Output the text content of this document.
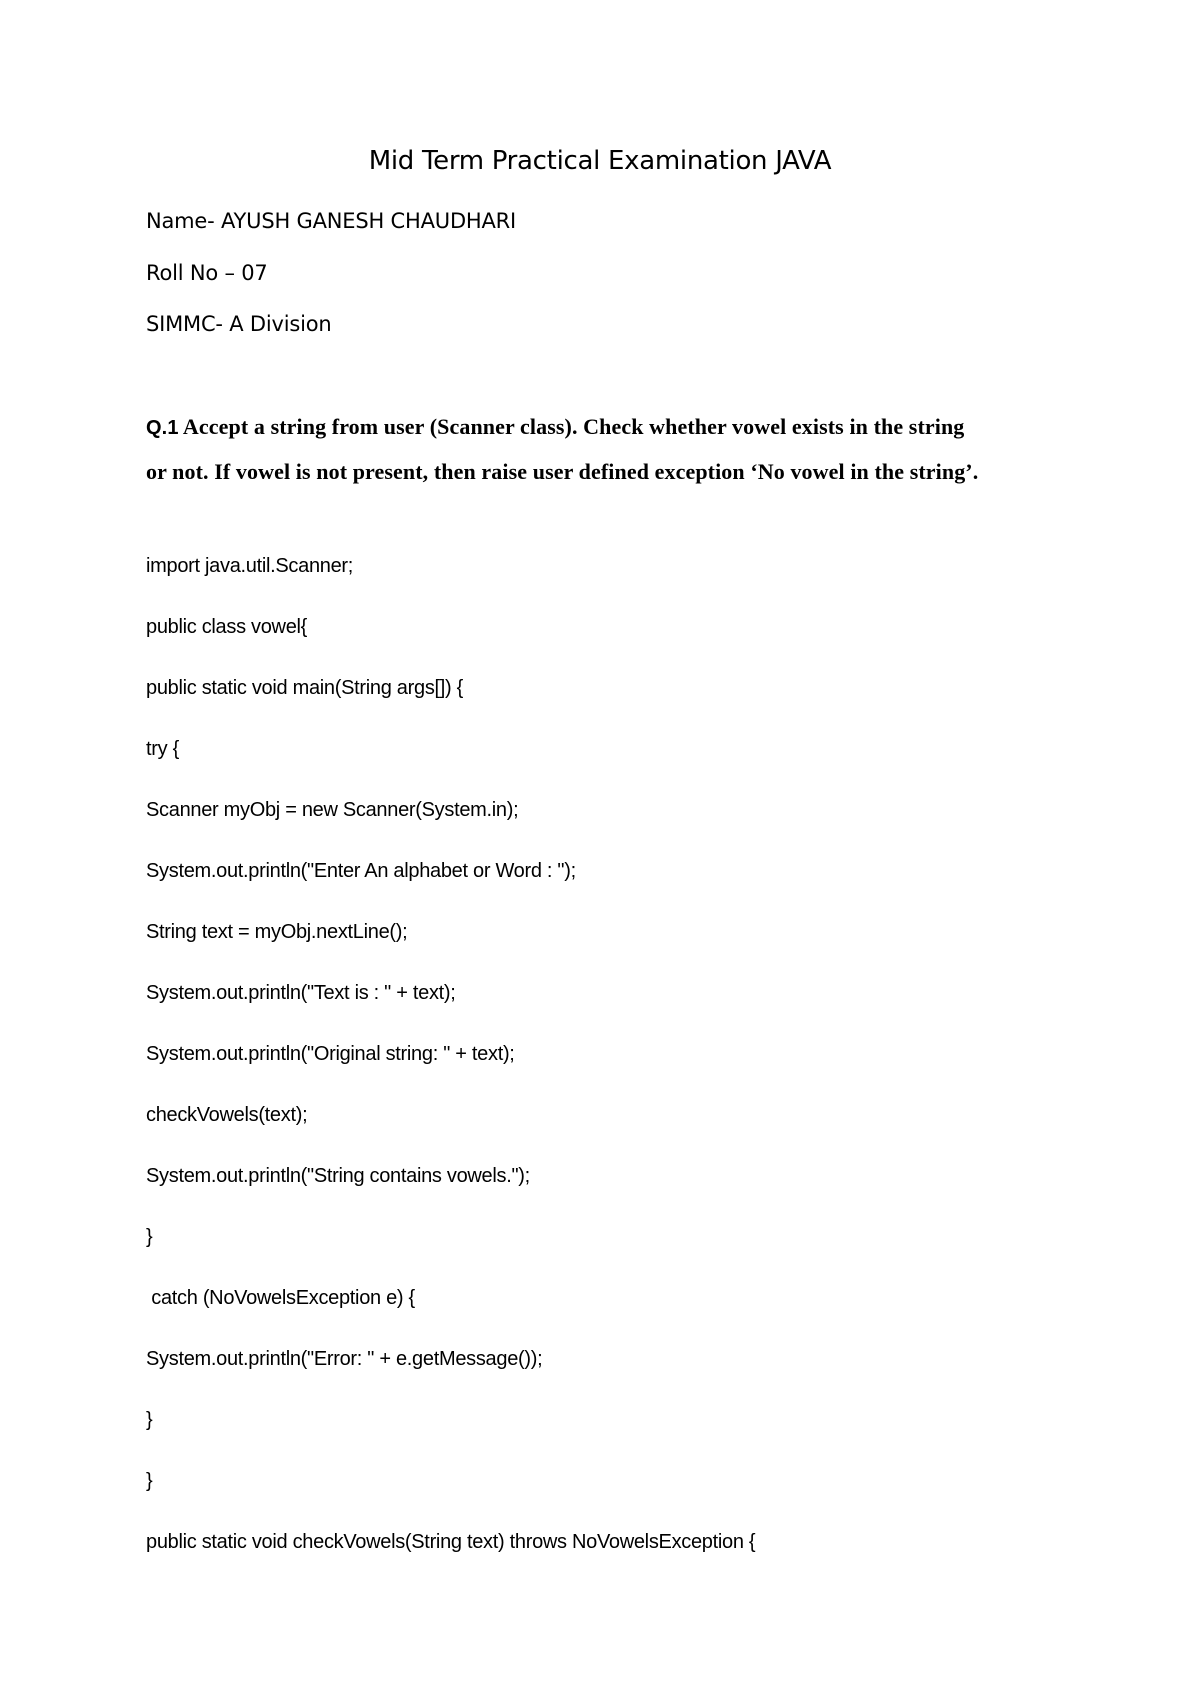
Mid Term Practical Examination JAVA
Name- AYUSH GANESH CHAUDHARI
Roll No – 07
SIMMC- A Division
Q.1 Accept a string from user (Scanner class). Check whether vowel exists in the string
or not. If vowel is not present, then raise user defined exception ‘No vowel in the string’.
import java.util.Scanner;
public class vowel{
public static void main(String args[]) {
try {
Scanner myObj = new Scanner(System.in);
System.out.println("Enter An alphabet or Word : ");
String text = myObj.nextLine();
System.out.println("Text is : " + text);
System.out.println("Original string: " + text);
checkVowels(text);
System.out.println("String contains vowels.");
}
catch (NoVowelsException e) {
System.out.println("Error: " + e.getMessage());
}
}
public static void checkVowels(String text) throws NoVowelsException {
